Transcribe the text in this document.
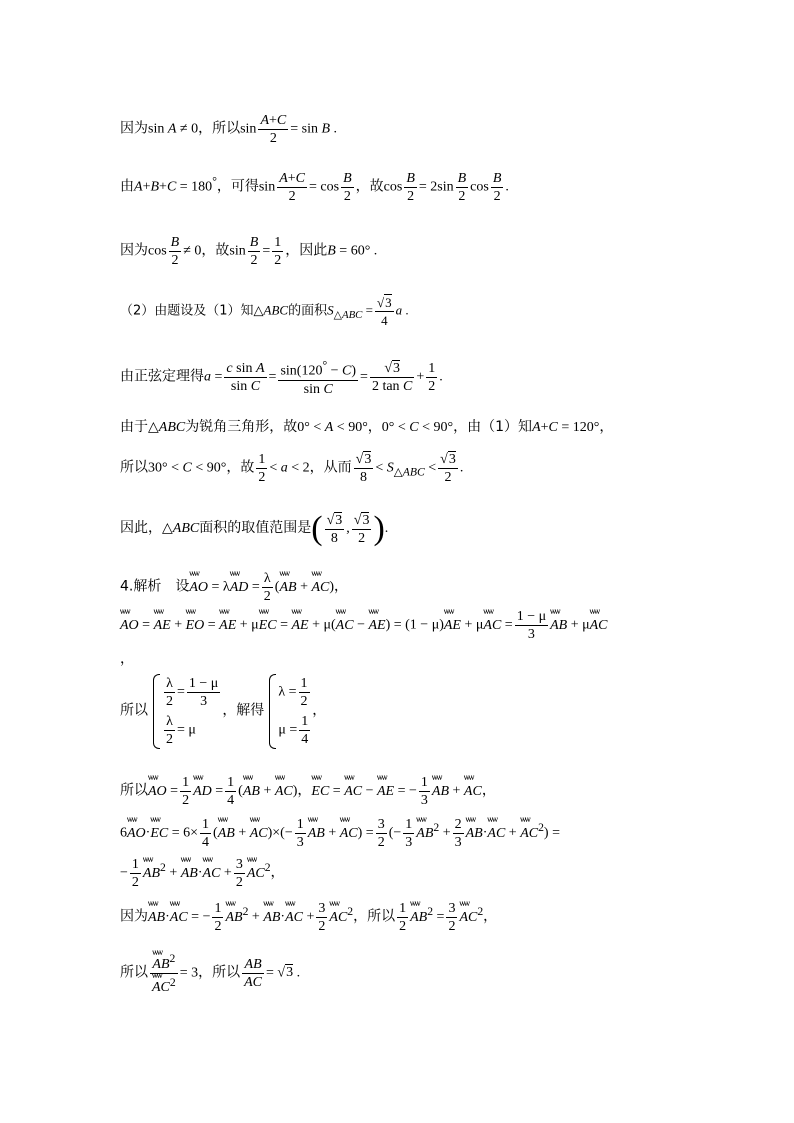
因为sin A ≠ 0，所以$\sin \frac{A+C}{2} = \sin B$ .
由A+B+C = 180°，可得$\sin \frac{A+C}{2} = \cos \frac{B}{2}$ ，故$\cos \frac{B}{2} = 2\sin \frac{B}{2}$ $\cos \frac{B}{2}$ .
因为$\cos \frac{B}{2} \ne 0$，故$\sin \frac{B}{2} = \frac{1}{2}$ ，因此B = 60° .
（2）由题设及（1）知△ABC的面积$S_{\triangle ABC} = \frac{√3}{4}$ a .
由正弦定理得$a = \frac{\text{c sin A}}{\text{sin C}} = \frac{\sin(120^\circ - C)}{\text{sin C}} = \frac{√3}{\text{2 tan C}} + \frac{1}{2}$ .
由于△ABC为锐角三角形，故0° < A < 90°，0° < C < 90°，由（1）知A+C = 120°，
所以30° < C < 90°，故 $\frac{1}{2} < a < 2$，从而 $\frac{√3}{8} < S_{\triangle ABC} < \frac{√3}{2}$ .
因此，△ABC面积的取值范围是( $\frac{√3}{8}$ , $\frac{√3}{2}$ ).
4.解析　设ѡѡ AO = λѡѡ AD = $\frac{\lambda}{2} (ѡѡ$ AB + ѡѡ AC)，
ѡѡ AO = ѡѡ AE + ѡѡ EO = ѡѡ AE + μѡѡ EC = ѡѡ AE + μ(ѡѡ AC − ѡѡ AE) = (1 − μ)ѡѡ AE + μѡѡ AC = $\frac{1 - \mu}{3}$ ѡѡ AB + μѡѡ AC
，
所以
$\frac{\lambda}{2} = \frac{1 - \mu}{3}$
$\frac{\lambda}{2} = \mu$
，解得
$\lambda = \frac{1}{2}$
$\mu = \frac{1}{4}$
，
所以ѡѡ AO = $\frac{1}{2}$ ѡѡ AD = $\frac{1}{4} (ѡѡ$ AB + ѡѡ AC)，ѡѡ EC = ѡѡ AC − ѡѡ AE = − $\frac{1}{3}$ ѡѡ AB + ѡѡ AC，
6ѡѡ AO·ѡѡ EC = $6\times \frac{1}{4} (ѡѡ$ AB + ѡѡ $AC)\times(- \frac{1}{3}$ ѡѡ AB + ѡѡ $AC) = \frac{3}{2}$ (− $\frac{1}{3}$ ѡѡ $AB^2 + \frac{2}{3}$ ѡѡ AB·ѡѡ AC + ѡѡ $AC^2$) =
− $\frac{1}{2}$ ѡѡ $AB^2$ + ѡѡ AB·ѡѡ AC + $\frac{3}{2}$ ѡѡ $AC^2$，
因为ѡѡ AB·ѡѡ AC = − $\frac{1}{2}$ ѡѡ $AB^2$ + ѡѡ AB·ѡѡ AC + $\frac{3}{2}$ ѡѡ $AC^2$，所以 $\frac{1}{2}$ ѡѡ $AB^2 = \frac{3}{2}$ ѡѡ $AC^2$，
所以 ѡѡ $AB^2$
ѡѡ $AC^2 = 3$，所以 $\frac{AB}{AC} = √3$ .
